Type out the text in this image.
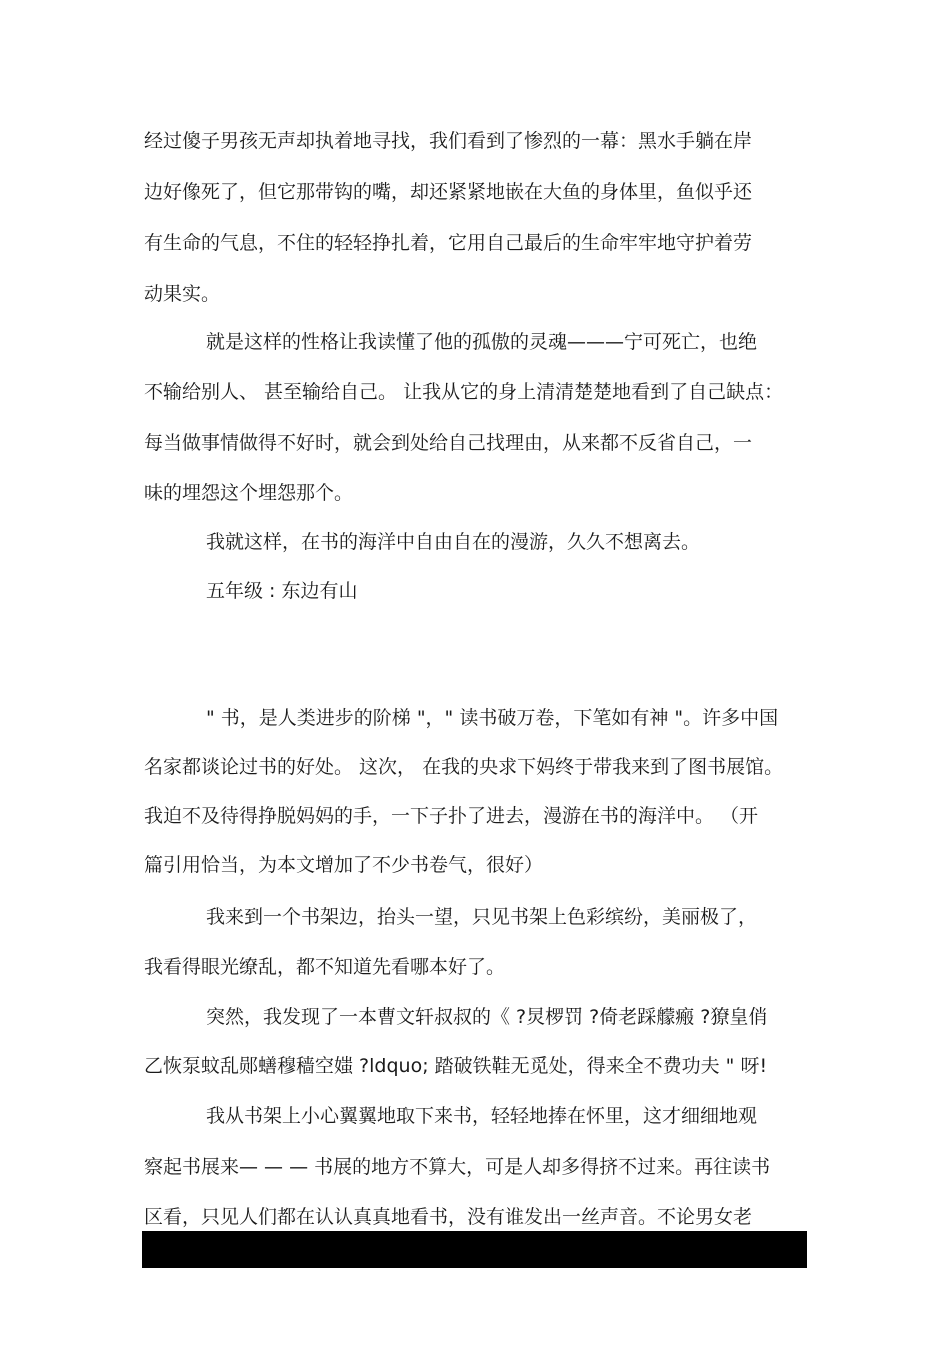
经过傻子男孩无声却执着地寻找，我们看到了惨烈的一幕：黑水手躺在岸
边好像死了，但它那带钩的嘴，却还紧紧地嵌在大鱼的身体里，鱼似乎还
有生命的气息，不住的轻轻挣扎着，它用自己最后的生命牢牢地守护着劳
动果实。
就是这样的性格让我读懂了他的孤傲的灵魂———宁可死亡，也绝
不输给别人、 甚至输给自己。 让我从它的身上清清楚楚地看到了自己缺点：
每当做事情做得不好时，就会到处给自己找理由，从来都不反省自己，一
味的埋怨这个埋怨那个。
我就这样，在书的海洋中自由自在的漫游，久久不想离去。
五年级 : 东边有山
" 书，是人类进步的阶梯 "，" 读书破万卷，下笔如有神 "。许多中国
名家都谈论过书的好处。 这次， 在我的央求下妈终于带我来到了图书展馆。
我迫不及待得挣脱妈妈的手，一下子扑了进去，漫游在书的海洋中。 （开
篇引用恰当，为本文增加了不少书卷气，很好）
我来到一个书架边，抬头一望，只见书架上色彩缤纷，美丽极了，
我看得眼光缭乱，都不知道先看哪本好了。
突然，我发现了一本曹文轩叔叔的《 ?炅椤罚 ?倚老踩艨瘢 ?獠皇俏
乙恢泵蚊乱郧蟮穆穑空媸 ?ldquo; 踏破铁鞋无觅处，得来全不费功夫 " 呀!
我从书架上小心翼翼地取下来书，轻轻地捧在怀里，这才细细地观
察起书展来— — — 书展的地方不算大，可是人却多得挤不过来。再往读书
区看，只见人们都在认认真真地看书，没有谁发出一丝声音。不论男女老
